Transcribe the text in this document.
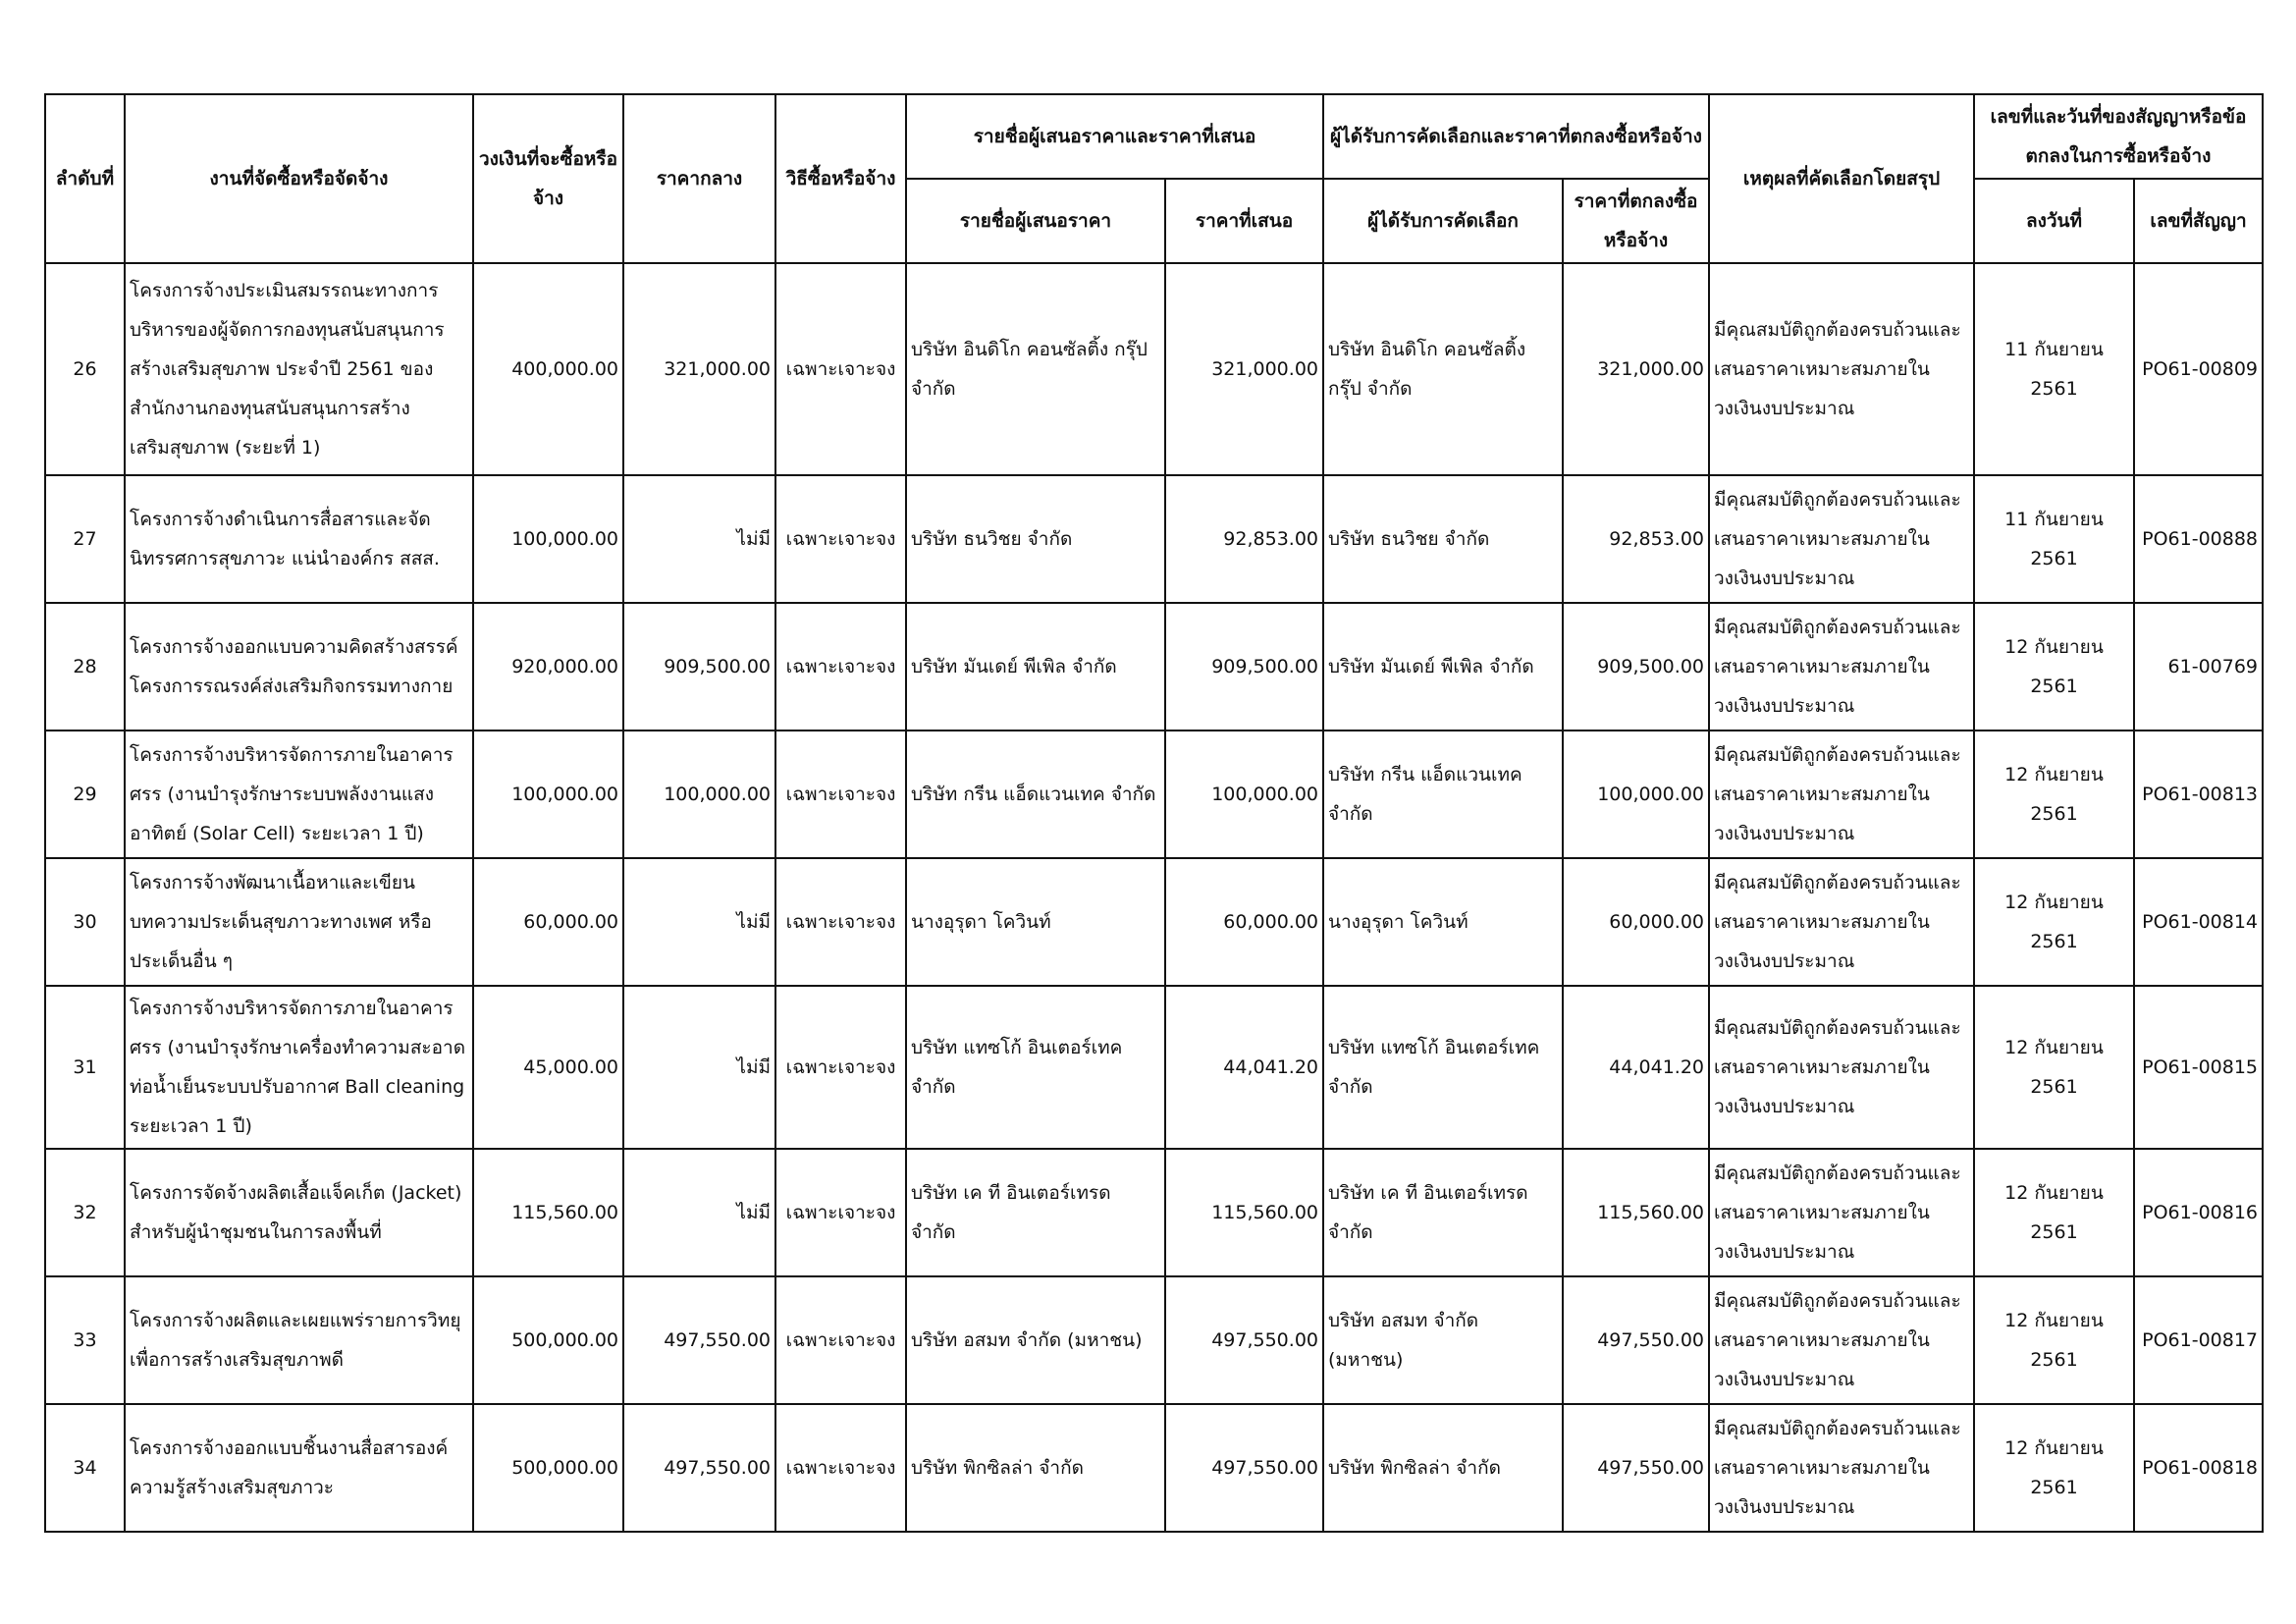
ลำดับที่	งานที่จัดซื้อหรือจัดจ้าง	วงเงินที่จะซื้อหรือจ้าง	ราคากลาง	วิธีซื้อหรือจ้าง	รายชื่อผู้เสนอราคาและราคาที่เสนอ		ผู้ได้รับการคัดเลือกและราคาที่ตกลงซื้อหรือจ้าง		เหตุผลที่คัดเลือกโดยสรุป	เลขที่และวันที่ของสัญญาหรือข้อตกลงในการซื้อหรือจ้าง	
					รายชื่อผู้เสนอราคา	ราคาที่เสนอ	ผู้ได้รับการคัดเลือก	ราคาที่ตกลงซื้อหรือจ้าง		ลงวันที่	เลขที่สัญญา
26	โครงการจ้างประเมินสมรรถนะทางการบริหารของผู้จัดการกองทุนสนับสนุนการสร้างเสริมสุขภาพ ประจำปี 2561 ของสำนักงานกองทุนสนับสนุนการสร้างเสริมสุขภาพ (ระยะที่ 1)	400,000.00	321,000.00	เฉพาะเจาะจง	บริษัท อินดิโก คอนซัลติ้ง กรุ๊ป จำกัด	321,000.00	บริษัท อินดิโก คอนซัลติ้ง กรุ๊ป จำกัด	321,000.00	มีคุณสมบัติถูกต้องครบถ้วนและเสนอราคาเหมาะสมภายในวงเงินงบประมาณ	11 กันยายน 2561	PO61-00809
27	โครงการจ้างดำเนินการสื่อสารและจัดนิทรรศการสุขภาวะ แน่นำองค์กร สสส.	100,000.00	ไม่มี	เฉพาะเจาะจง	บริษัท ธนวิชย จำกัด	92,853.00	บริษัท ธนวิชย จำกัด	92,853.00	มีคุณสมบัติถูกต้องครบถ้วนและเสนอราคาเหมาะสมภายในวงเงินงบประมาณ	11 กันยายน 2561	PO61-00888
28	โครงการจ้างออกแบบความคิดสร้างสรรค์โครงการรณรงค์ส่งเสริมกิจกรรมทางกาย	920,000.00	909,500.00	เฉพาะเจาะจง	บริษัท มันเดย์ พีเพิล จำกัด	909,500.00	บริษัท มันเดย์ พีเพิล จำกัด	909,500.00	มีคุณสมบัติถูกต้องครบถ้วนและเสนอราคาเหมาะสมภายในวงเงินงบประมาณ	12 กันยายน 2561	61-00769
29	โครงการจ้างบริหารจัดการภายในอาคาร ศรร (งานบำรุงรักษาระบบพลังงานแสงอาทิตย์ (Solar Cell) ระยะเวลา 1 ปี)	100,000.00	100,000.00	เฉพาะเจาะจง	บริษัท กรีน แอ็ดแวนเทค จำกัด	100,000.00	บริษัท กรีน แอ็ดแวนเทค จำกัด	100,000.00	มีคุณสมบัติถูกต้องครบถ้วนและเสนอราคาเหมาะสมภายในวงเงินงบประมาณ	12 กันยายน 2561	PO61-00813
30	โครงการจ้างพัฒนาเนื้อหาและเขียนบทความประเด็นสุขภาวะทางเพศ หรือประเด็นอื่น ๆ	60,000.00	ไม่มี	เฉพาะเจาะจง	นางอุรุดา โควินท์	60,000.00	นางอุรุดา โควินท์	60,000.00	มีคุณสมบัติถูกต้องครบถ้วนและเสนอราคาเหมาะสมภายในวงเงินงบประมาณ	12 กันยายน 2561	PO61-00814
31	โครงการจ้างบริหารจัดการภายในอาคาร ศรร (งานบำรุงรักษาเครื่องทำความสะอาดท่อน้ำเย็นระบบปรับอากาศ Ball cleaning ระยะเวลา 1 ปี)	45,000.00	ไม่มี	เฉพาะเจาะจง	บริษัท แทซโก้ อินเตอร์เทค จำกัด	44,041.20	บริษัท แทซโก้ อินเตอร์เทค จำกัด	44,041.20	มีคุณสมบัติถูกต้องครบถ้วนและเสนอราคาเหมาะสมภายในวงเงินงบประมาณ	12 กันยายน 2561	PO61-00815
32	โครงการจัดจ้างผลิตเสื้อแจ็คเก็ต (Jacket) สำหรับผู้นำชุมชนในการลงพื้นที่	115,560.00	ไม่มี	เฉพาะเจาะจง	บริษัท เค ที อินเตอร์เทรด จำกัด	115,560.00	บริษัท เค ที อินเตอร์เทรด จำกัด	115,560.00	มีคุณสมบัติถูกต้องครบถ้วนและเสนอราคาเหมาะสมภายในวงเงินงบประมาณ	12 กันยายน 2561	PO61-00816
33	โครงการจ้างผลิตและเผยแพร่รายการวิทยุเพื่อการสร้างเสริมสุขภาพดี	500,000.00	497,550.00	เฉพาะเจาะจง	บริษัท อสมท จำกัด (มหาชน)	497,550.00	บริษัท อสมท จำกัด (มหาชน)	497,550.00	มีคุณสมบัติถูกต้องครบถ้วนและเสนอราคาเหมาะสมภายในวงเงินงบประมาณ	12 กันยายน 2561	PO61-00817
34	โครงการจ้างออกแบบชิ้นงานสื่อสารองค์ความรู้สร้างเสริมสุขภาวะ	500,000.00	497,550.00	เฉพาะเจาะจง	บริษัท พิกซิลล่า จำกัด	497,550.00	บริษัท พิกซิลล่า จำกัด	497,550.00	มีคุณสมบัติถูกต้องครบถ้วนและเสนอราคาเหมาะสมภายในวงเงินงบประมาณ	12 กันยายน 2561	PO61-00818
